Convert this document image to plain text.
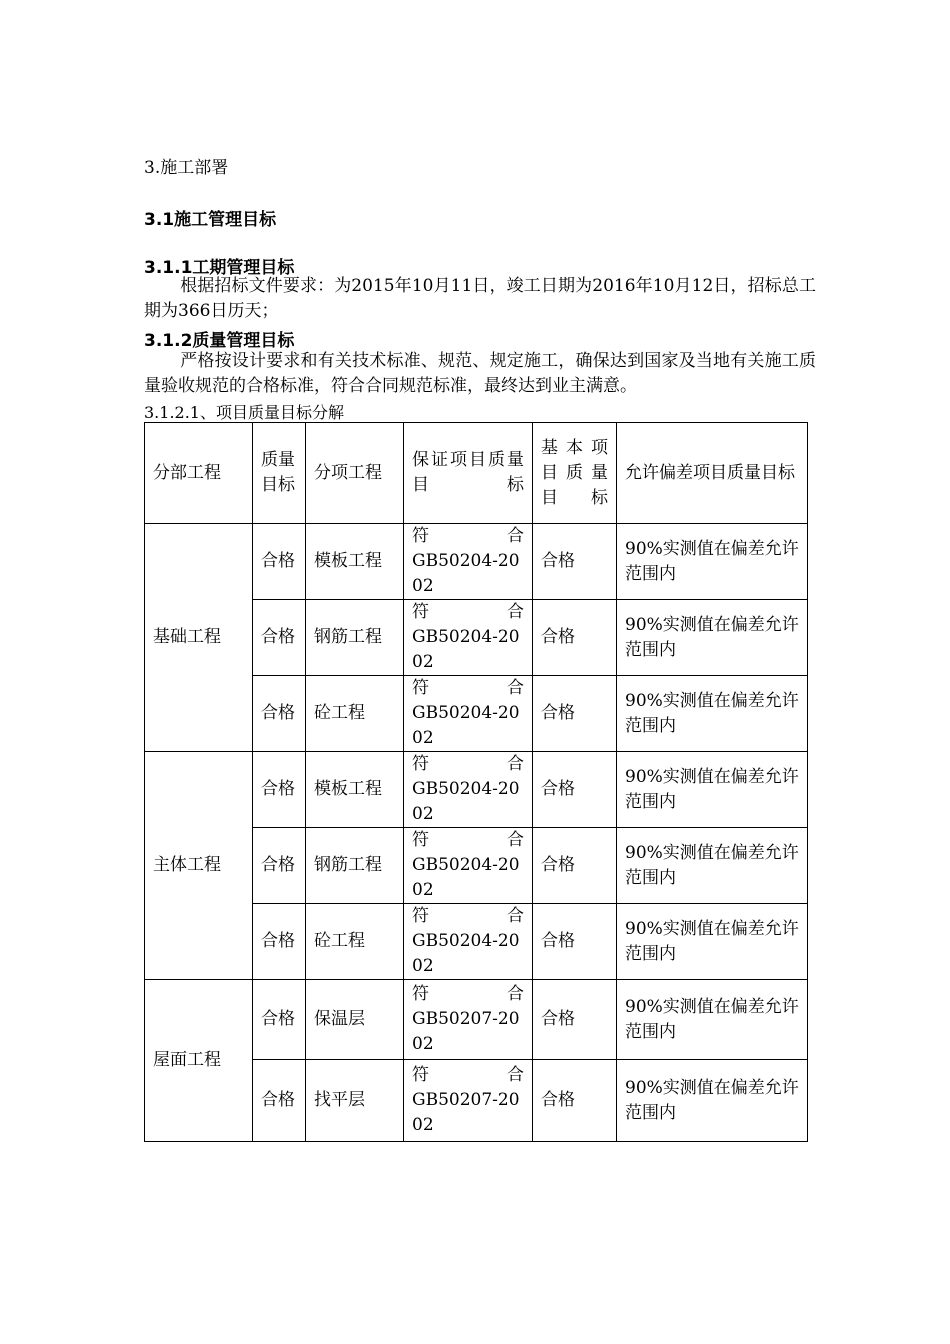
3.施工部署
3.1施工管理目标
3.1.1工期管理目标
根据招标文件要求：为2015年10月11日，竣工日期为2016年10月12日，招标总工期为366日历天；
3.1.2质量管理目标
严格按设计要求和有关技术标准、规范、规定施工，确保达到国家及当地有关施工质量验收规范的合格标准，符合合同规范标准，最终达到业主满意。
3.1.2.1、项目质量目标分解
分部工程	质量目标	分项工程	保证项目质量目标	基本项目质量目标	允许偏差项目质量目标
基础工程	合格	模板工程	符 合
GB50204-2002	合格	90%实测值在偏差允许范围内
	合格	钢筋工程	符 合
GB50204-2002	合格	90%实测值在偏差允许范围内
	合格	砼工程	符 合
GB50204-2002	合格	90%实测值在偏差允许范围内
主体工程	合格	模板工程	符 合
GB50204-2002	合格	90%实测值在偏差允许范围内
	合格	钢筋工程	符 合
GB50204-2002	合格	90%实测值在偏差允许范围内
	合格	砼工程	符 合
GB50204-2002	合格	90%实测值在偏差允许范围内
屋面工程	合格	保温层	符 合
GB50207-2002	合格	90%实测值在偏差允许范围内
	合格	找平层	符 合
GB50207-2002	合格	90%实测值在偏差允许范围内
